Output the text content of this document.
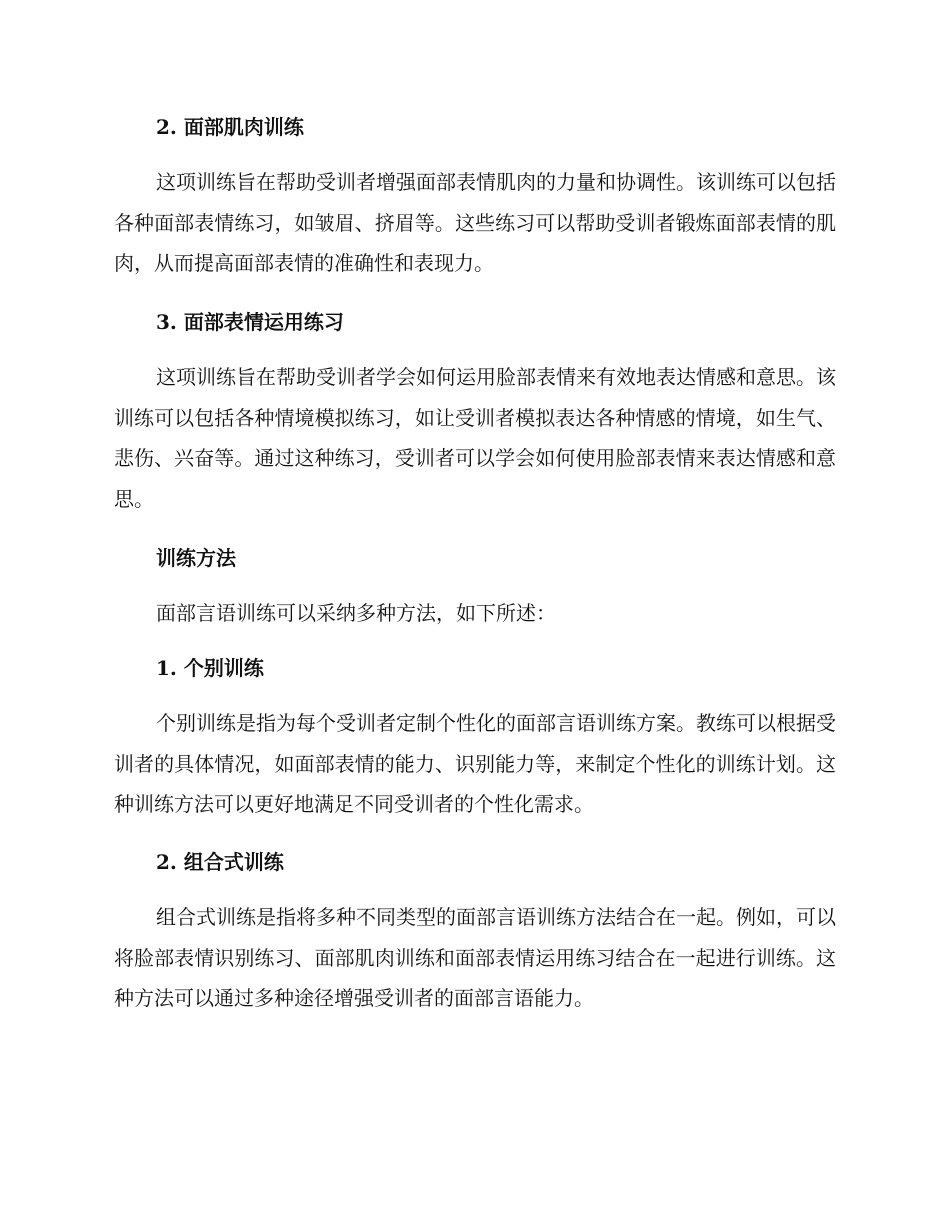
2. 面部肌肉训练
这项训练旨在帮助受训者增强面部表情肌肉的力量和协调性。该训练可以包括各种面部表情练习，如皱眉、挤眉等。这些练习可以帮助受训者锻炼面部表情的肌肉，从而提高面部表情的准确性和表现力。
3. 面部表情运用练习
这项训练旨在帮助受训者学会如何运用脸部表情来有效地表达情感和意思。该训练可以包括各种情境模拟练习，如让受训者模拟表达各种情感的情境，如生气、悲伤、兴奋等。通过这种练习，受训者可以学会如何使用脸部表情来表达情感和意思。
训练方法
面部言语训练可以采纳多种方法，如下所述：
1. 个别训练
个别训练是指为每个受训者定制个性化的面部言语训练方案。教练可以根据受训者的具体情况，如面部表情的能力、识别能力等，来制定个性化的训练计划。这种训练方法可以更好地满足不同受训者的个性化需求。
2. 组合式训练
组合式训练是指将多种不同类型的面部言语训练方法结合在一起。例如，可以将脸部表情识别练习、面部肌肉训练和面部表情运用练习结合在一起进行训练。这种方法可以通过多种途径增强受训者的面部言语能力。
